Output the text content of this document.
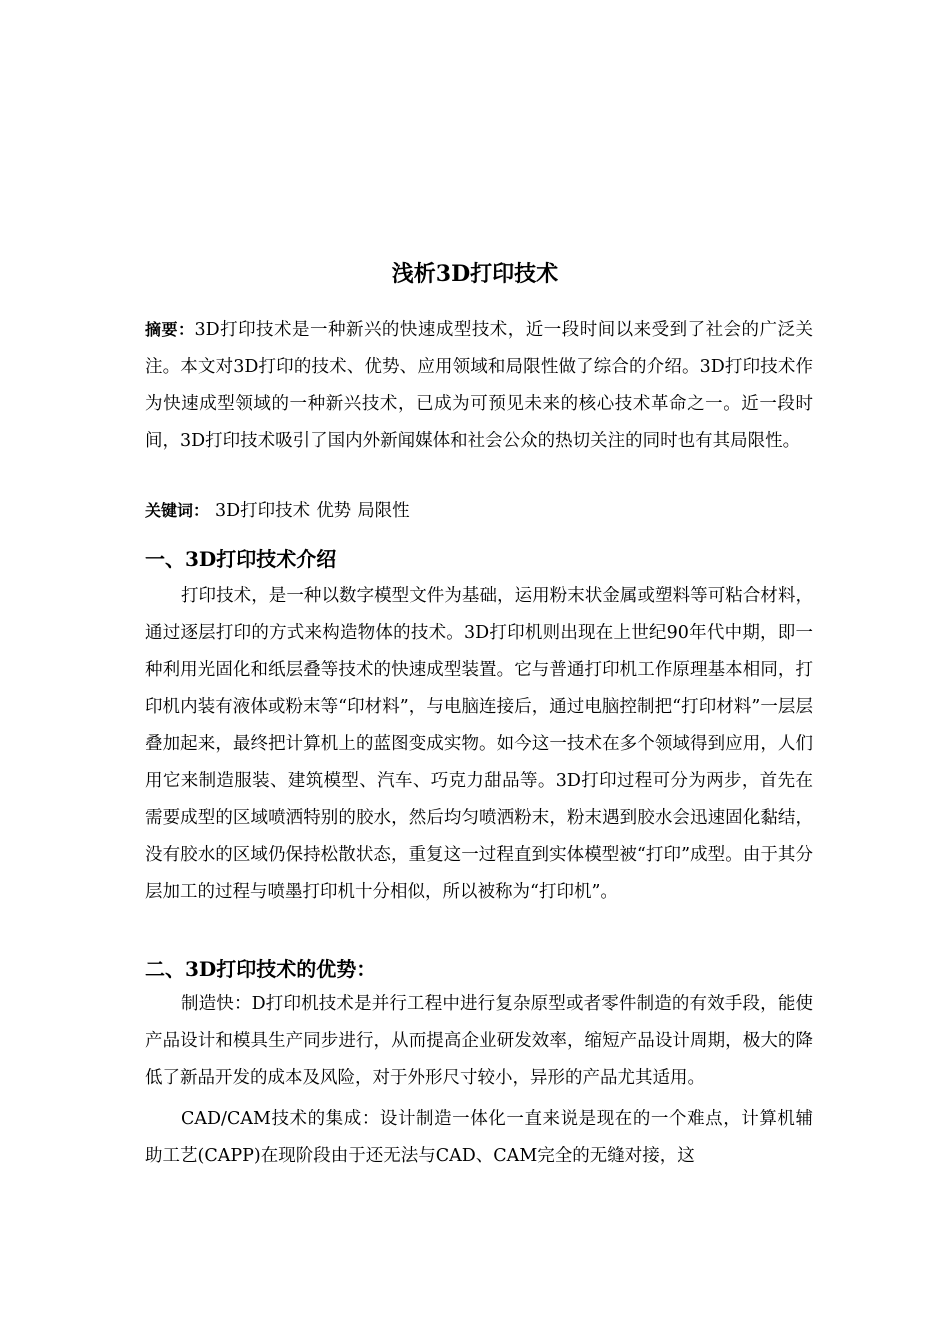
浅析3D打印技术

摘要：3D打印技术是一种新兴的快速成型技术，近一段时间以来受到了社会的广泛关注。本文对3D打印的技术、优势、应用领域和局限性做了综合的介绍。3D打印技术作为快速成型领域的一种新兴技术，已成为可预见未来的核心技术革命之一。近一段时间，3D打印技术吸引了国内外新闻媒体和社会公众的热切关注的同时也有其局限性。

关键词： 3D打印技术 优势 局限性
一、3D打印技术介绍

打印技术，是一种以数字模型文件为基础，运用粉末状金属或塑料等可粘合材料，通过逐层打印的方式来构造物体的技术。3D打印机则出现在上世纪90年代中期，即一种利用光固化和纸层叠等技术的快速成型装置。它与普通打印机工作原理基本相同，打印机内装有液体或粉末等“印材料”，与电脑连接后，通过电脑控制把“打印材料”一层层叠加起来，最终把计算机上的蓝图变成实物。如今这一技术在多个领域得到应用，人们用它来制造服装、建筑模型、汽车、巧克力甜品等。3D打印过程可分为两步，首先在需要成型的区域喷洒特别的胶水，然后均匀喷洒粉末，粉末遇到胶水会迅速固化黏结，没有胶水的区域仍保持松散状态，重复这一过程直到实体模型被“打印”成型。由于其分层加工的过程与喷墨打印机十分相似，所以被称为“打印机”。

二、3D打印技术的优势：

制造快：D打印机技术是并行工程中进行复杂原型或者零件制造的有效手段，能使产品设计和模具生产同步进行，从而提高企业研发效率，缩短产品设计周期，极大的降低了新品开发的成本及风险，对于外形尺寸较小，异形的产品尤其适用。

CAD/CAM技术的集成：设计制造一体化一直来说是现在的一个难点，计算机辅助工艺(CAPP)在现阶段由于还无法与CAD、CAM完全的无缝对接，这
